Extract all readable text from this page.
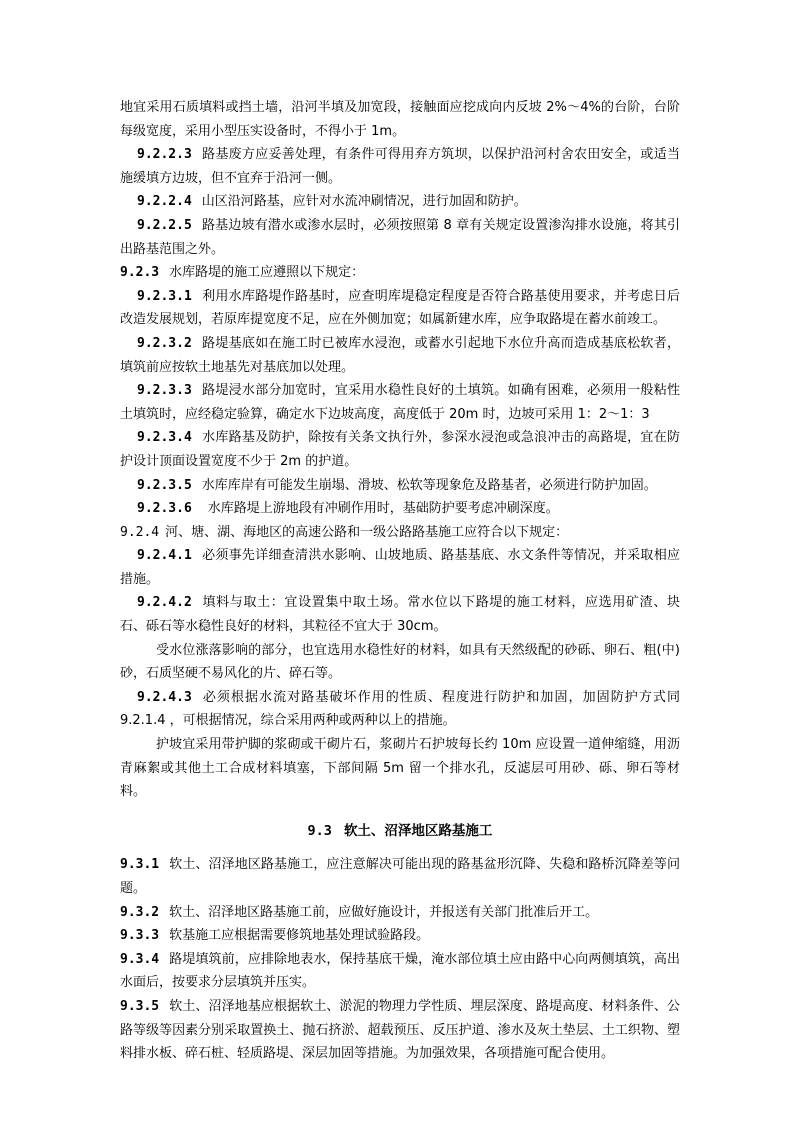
地宜采用石质填料或挡土墙，沿河半填及加宽段，接触面应挖成向内反坡 2%～4%的台阶，台阶每级宽度，采用小型压实设备时，不得小于 1m。

9.2.2.3 路基废方应妥善处理，有条件可得用弃方筑坝，以保护沿河村舍农田安全，或适当施缓填方边坡，但不宜弃于沿河一侧。

9.2.2.4 山区沿河路基，应针对水流冲刷情况，进行加固和防护。

9.2.2.5 路基边坡有潜水或渗水层时，必须按照第 8 章有关规定设置渗沟排水设施，将其引出路基范围之外。

9.2.3 水库路堤的施工应遵照以下规定：

9.2.3.1 利用水库路堤作路基时，应查明库堤稳定程度是否符合路基使用要求，并考虑日后改造发展规划，若原库提宽度不足，应在外侧加宽；如属新建水库，应争取路堤在蓄水前竣工。

9.2.3.2 路堤基底如在施工时已被库水浸泡，或蓄水引起地下水位升高而造成基底松软者，填筑前应按软土地基先对基底加以处理。

9.2.3.3 路堤浸水部分加宽时，宜采用水稳性良好的土填筑。如确有困难，必须用一般粘性土填筑时，应经稳定验算，确定水下边坡高度，高度低于 20m 时，边坡可采用 1：2～1：3

9.2.3.4 水库路基及防护，除按有关条文执行外，参深水浸泡或急浪冲击的高路堤，宜在防护设计顶面设置宽度不少于 2m 的护道。

9.2.3.5 水库库岸有可能发生崩塌、滑坡、松软等现象危及路基者，必须进行防护加固。

9.2.3.6 水库路堤上游地段有冲刷作用时，基础防护要考虑冲刷深度。

9.2.4 河、塘、湖、海地区的高速公路和一级公路路基施工应符合以下规定：

9.2.4.1 必须事先详细查清洪水影响、山坡地质、路基基底、水文条件等情况，并采取相应措施。

9.2.4.2 填料与取土：宜设置集中取土场。常水位以下路堤的施工材料，应选用矿渣、块石、砾石等水稳性良好的材料，其粒径不宜大于 30cm。

受水位涨落影响的部分，也宜选用水稳性好的材料，如具有天然级配的砂砾、卵石、粗(中)砂，石质坚硬不易风化的片、碎石等。

9.2.4.3 必须根据水流对路基破坏作用的性质、程度进行防护和加固，加固防护方式同 9.2.1.4 ，可根据情况，综合采用两种或两种以上的措施。

护坡宜采用带护脚的浆砌或干砌片石，浆砌片石护坡每长约 10m 应设置一道伸缩缝，用沥青麻絮或其他土工合成材料填塞，下部间隔 5m 留一个排水孔，反滤层可用砂、砾、卵石等材料。

9.3 软土、沼泽地区路基施工

9.3.1 软土、沼泽地区路基施工，应注意解决可能出现的路基盆形沉降、失稳和路桥沉降差等问题。

9.3.2 软土、沼泽地区路基施工前，应做好施设计，并报送有关部门批准后开工。

9.3.3 软基施工应根据需要修筑地基处理试验路段。

9.3.4 路堤填筑前，应排除地表水，保持基底干燥，淹水部位填土应由路中心向两侧填筑，高出水面后，按要求分层填筑并压实。

9.3.5 软土、沼泽地基应根据软土、淤泥的物理力学性质、埋层深度、路堤高度、材料条件、公路等级等因素分别采取置换土、抛石挤淤、超载预压、反压护道、渗水及灰土垫层、土工织物、塑料排水板、碎石桩、轻质路堤、深层加固等措施。为加强效果，各项措施可配合使用。
